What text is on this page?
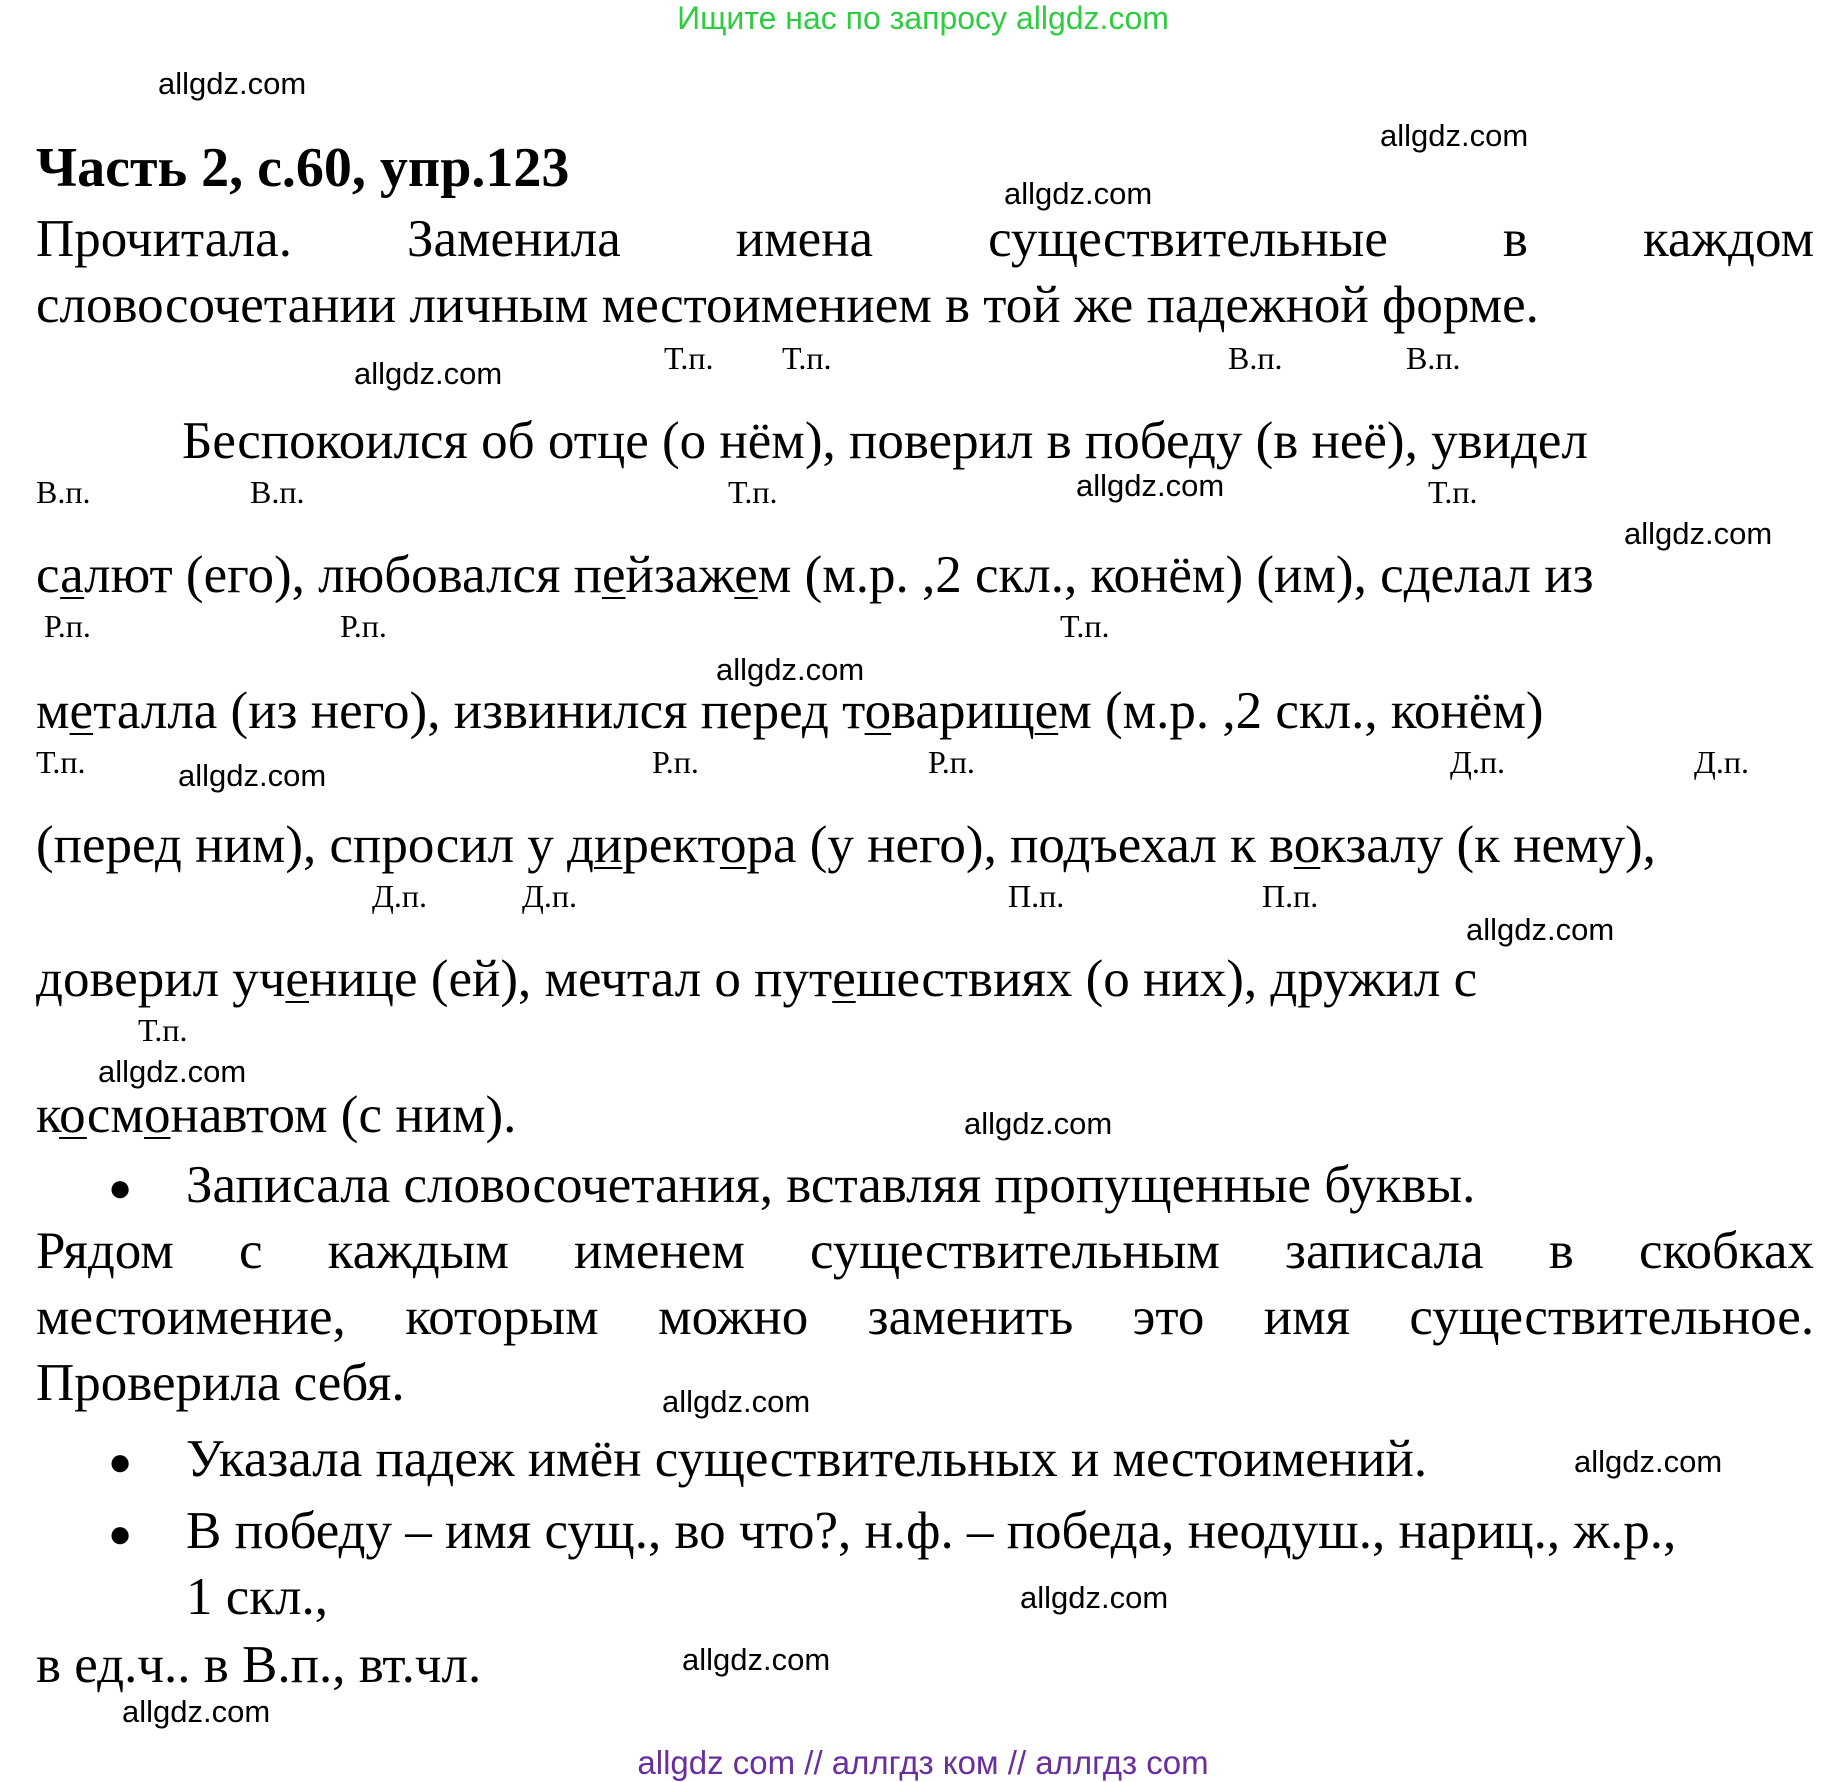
Ищите нас по запросу allgdz.com
allgdz.com
allgdz.com
allgdz.com
allgdz.com
allgdz.com
allgdz.com
allgdz.com
allgdz.com
allgdz.com
allgdz.com
allgdz.com
allgdz.com
allgdz.com
allgdz.com
allgdz.com
allgdz.com
Часть 2, с.60, упр.123
Прочитала. Заменила имена существительные в каждом
словосочетании личным местоимением в той же падежной форме.
Т.п. Т.п.	В.п.	В.п.
Беспокоился об отце (о нём), поверил в победу (в неё), увидел
В.п.	В.п.	Т.п.	Т.п.
салют (его), любовался пейзажем (м.р. ,2 скл., конём) (им), сделал из
Р.п.	Р.п.	Т.п.
металла (из него), извинился перед товарищем (м.р. ,2 скл., конём)
Т.п.	Р.п.	Р.п.	Д.п.	Д.п.
(перед ним), спросил у директора (у него), подъехал к вокзалу (к нему),
Д.п.	Д.п.	П.п.	П.п.
доверил ученице (ей), мечтал о путешествиях (о них), дружил с
Т.п.
космонавтом (с ним).
● Записала словосочетания, вставляя пропущенные буквы.
Рядом с каждым именем существительным записала в скобках
местоимение, которым можно заменить это имя существительное.
Проверила себя.
● Указала падеж имён существительных и местоимений.
● В победу – имя сущ., во что?, н.ф. – победа, неодуш., нариц., ж.р.,
1 скл.,
в ед.ч.. в В.п., вт.чл.
allgdz com // аллгдз ком // аллгдз com
